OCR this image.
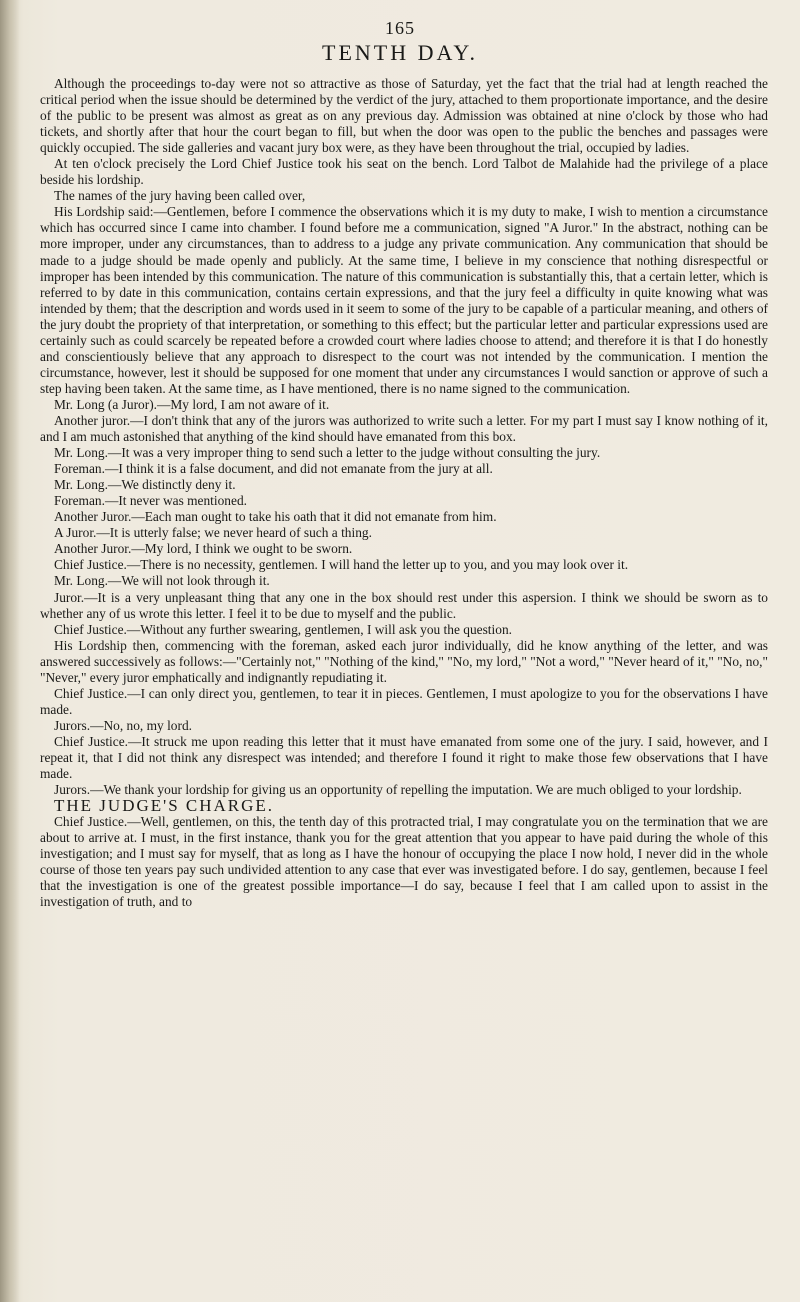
165
TENTH DAY.

Although the proceedings to-day were not so attractive as those of Saturday, yet the fact that the trial had at length reached the critical period when the issue should be determined by the verdict of the jury, attached to them proportionate importance, and the desire of the public to be present was almost as great as on any previous day. Admission was obtained at nine o'clock by those who had tickets, and shortly after that hour the court began to fill, but when the door was open to the public the benches and passages were quickly occupied. The side galleries and vacant jury box were, as they have been throughout the trial, occupied by ladies.

At ten o'clock precisely the Lord Chief Justice took his seat on the bench. Lord Talbot de Malahide had the privilege of a place beside his lordship.

The names of the jury having been called over,

His Lordship said:—Gentlemen, before I commence the observations which it is my duty to make, I wish to mention a circumstance which has occurred since I came into chamber. I found before me a communication, signed "A Juror." In the abstract, nothing can be more improper, under any circumstances, than to address to a judge any private communication. Any communication that should be made to a judge should be made openly and publicly. At the same time, I believe in my conscience that nothing disrespectful or improper has been intended by this communication. The nature of this communication is substantially this, that a certain letter, which is referred to by date in this communication, contains certain expressions, and that the jury feel a difficulty in quite knowing what was intended by them; that the description and words used in it seem to some of the jury to be capable of a particular meaning, and others of the jury doubt the propriety of that interpretation, or something to this effect; but the particular letter and particular expressions used are certainly such as could scarcely be repeated before a crowded court where ladies choose to attend; and therefore it is that I do honestly and conscientiously believe that any approach to disrespect to the court was not intended by the communication. I mention the circumstance, however, lest it should be supposed for one moment that under any circumstances I would sanction or approve of such a step having been taken. At the same time, as I have mentioned, there is no name signed to the communication.

Mr. Long (a Juror).—My lord, I am not aware of it.

Another juror.—I don't think that any of the jurors was authorized to write such a letter. For my part I must say I know nothing of it, and I am much astonished that anything of the kind should have emanated from this box.

Mr. Long.—It was a very improper thing to send such a letter to the judge without consulting the jury.

Foreman.—I think it is a false document, and did not emanate from the jury at all.

Mr. Long.—We distinctly deny it.

Foreman.—It never was mentioned.

Another Juror.—Each man ought to take his oath that it did not emanate from him.

A Juror.—It is utterly false; we never heard of such a thing.

Another Juror.—My lord, I think we ought to be sworn.

Chief Justice.—There is no necessity, gentlemen. I will hand the letter up to you, and you may look over it.

Mr. Long.—We will not look through it.

Juror.—It is a very unpleasant thing that any one in the box should rest under this aspersion. I think we should be sworn as to whether any of us wrote this letter. I feel it to be due to myself and the public.

Chief Justice.—Without any further swearing, gentlemen, I will ask you the question.

His Lordship then, commencing with the foreman, asked each juror individually, did he know anything of the letter, and was answered successively as follows:—"Certainly not," "Nothing of the kind," "No, my lord," "Not a word," "Never heard of it," "No, no," "Never," every juror emphatically and indignantly repudiating it.

Chief Justice.—I can only direct you, gentlemen, to tear it in pieces. Gentlemen, I must apologize to you for the observations I have made.

Jurors.—No, no, my lord.

Chief Justice.—It struck me upon reading this letter that it must have emanated from some one of the jury. I said, however, and I repeat it, that I did not think any disrespect was intended; and therefore I found it right to make those few observations that I have made.

Jurors.—We thank your lordship for giving us an opportunity of repelling the imputation. We are much obliged to your lordship.

THE JUDGE'S CHARGE.

Chief Justice.—Well, gentlemen, on this, the tenth day of this protracted trial, I may congratulate you on the termination that we are about to arrive at. I must, in the first instance, thank you for the great attention that you appear to have paid during the whole of this investigation; and I must say for myself, that as long as I have the honour of occupying the place I now hold, I never did in the whole course of those ten years pay such undivided attention to any case that ever was investigated before. I do say, gentlemen, because I feel that the investigation is one of the greatest possible importance—I do say, because I feel that I am called upon to assist in the investigation of truth, and to
